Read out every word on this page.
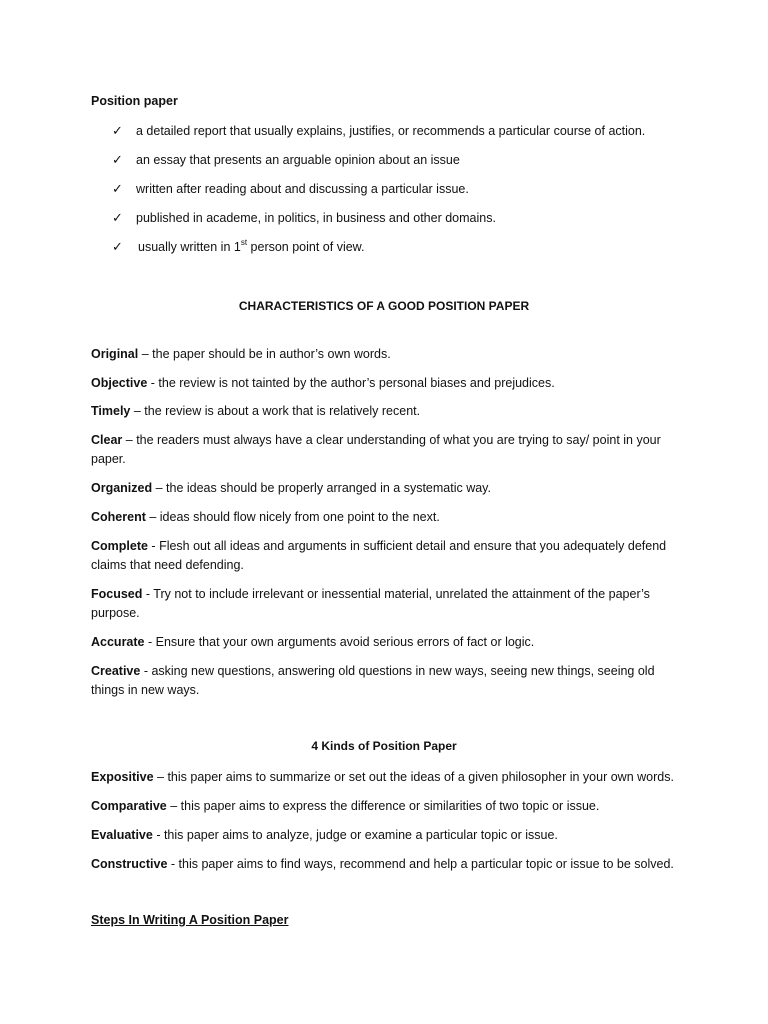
Position paper
✓ a detailed report that usually explains, justifies, or recommends a particular course of action.
✓ an essay that presents an arguable opinion about an issue
✓ written after reading about and discussing a particular issue.
✓ published in academe, in politics, in business and other domains.
✓ usually written in 1st person point of view.
CHARACTERISTICS OF A GOOD POSITION PAPER
Original – the paper should be in author’s own words.
Objective - the review is not tainted by the author’s personal biases and prejudices.
Timely – the review is about a work that is relatively recent.
Clear – the readers must always have a clear understanding of what you are trying to say/ point in your paper.
Organized – the ideas should be properly arranged in a systematic way.
Coherent – ideas should flow nicely from one point to the next.
Complete - Flesh out all ideas and arguments in sufficient detail and ensure that you adequately defend claims that need defending.
Focused - Try not to include irrelevant or inessential material, unrelated the attainment of the paper’s purpose.
Accurate - Ensure that your own arguments avoid serious errors of fact or logic.
Creative - asking new questions, answering old questions in new ways, seeing new things, seeing old things in new ways.
Expositive – this paper aims to summarize or set out the ideas of a given philosopher in your own words.
Comparative – this paper aims to express the difference or similarities of two topic or issue.
Evaluative - this paper aims to analyze, judge or examine a particular topic or issue.
Constructive - this paper aims to find ways, recommend and help a particular topic or issue to be solved.
4 Kinds of Position Paper
Steps In Writing A Position Paper
